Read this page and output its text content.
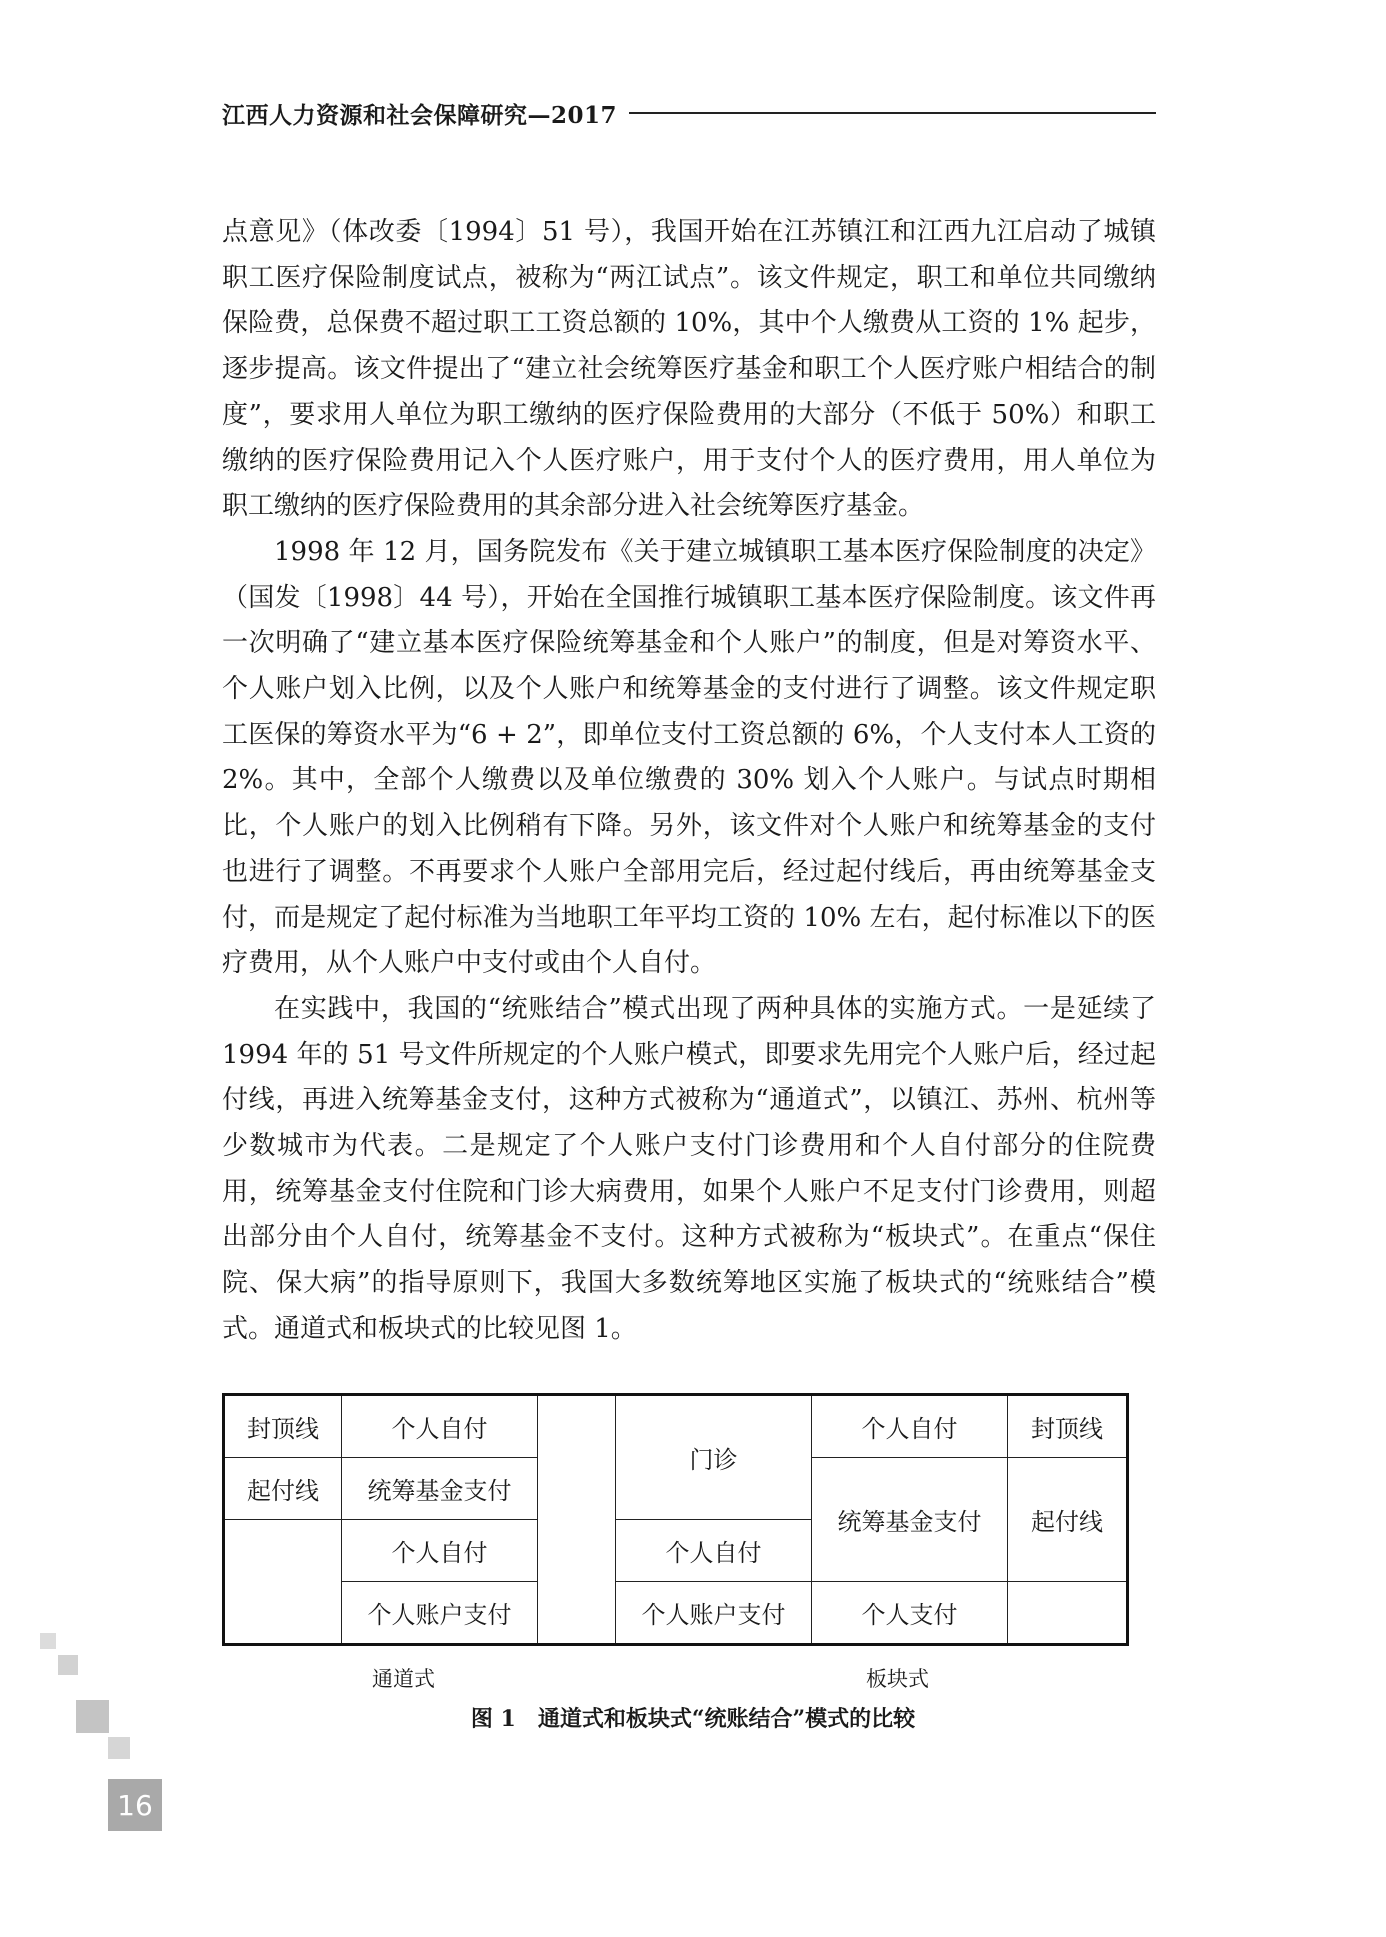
江西人力资源和社会保障研究—2017

点意见》（体改委〔1994〕51 号），我国开始在江苏镇江和江西九江启动了城镇职工医疗保险制度试点，被称为“两江试点”。该文件规定，职工和单位共同缴纳保险费，总保费不超过职工工资总额的 10%，其中个人缴费从工资的 1% 起步，逐步提高。该文件提出了“建立社会统筹医疗基金和职工个人医疗账户相结合的制度”，要求用人单位为职工缴纳的医疗保险费用的大部分（不低于 50%）和职工缴纳的医疗保险费用记入个人医疗账户，用于支付个人的医疗费用，用人单位为职工缴纳的医疗保险费用的其余部分进入社会统筹医疗基金。

1998 年 12 月，国务院发布《关于建立城镇职工基本医疗保险制度的决定》（国发〔1998〕44 号），开始在全国推行城镇职工基本医疗保险制度。该文件再一次明确了“建立基本医疗保险统筹基金和个人账户”的制度，但是对筹资水平、个人账户划入比例，以及个人账户和统筹基金的支付进行了调整。该文件规定职工医保的筹资水平为“6 + 2”，即单位支付工资总额的 6%，个人支付本人工资的 2%。其中，全部个人缴费以及单位缴费的 30% 划入个人账户。与试点时期相比，个人账户的划入比例稍有下降。另外，该文件对个人账户和统筹基金的支付也进行了调整。不再要求个人账户全部用完后，经过起付线后，再由统筹基金支付，而是规定了起付标准为当地职工年平均工资的 10% 左右，起付标准以下的医疗费用，从个人账户中支付或由个人自付。

在实践中，我国的“统账结合”模式出现了两种具体的实施方式。一是延续了 1994 年的 51 号文件所规定的个人账户模式，即要求先用完个人账户后，经过起付线，再进入统筹基金支付，这种方式被称为“通道式”，以镇江、苏州、杭州等少数城市为代表。二是规定了个人账户支付门诊费用和个人自付部分的住院费用，统筹基金支付住院和门诊大病费用，如果个人账户不足支付门诊费用，则超出部分由个人自付，统筹基金不支付。这种方式被称为“板块式”。在重点“保住院、保大病”的指导原则下，我国大多数统筹地区实施了板块式的“统账结合”模式。通道式和板块式的比较见图 1。

封顶线	个人自付		门诊	个人自付	封顶线
起付线	统筹基金支付			统筹基金支付	起付线
	个人自付		个人自付		
	个人账户支付		个人账户支付	个人支付	
通道式	板块式
图 1　通道式和板块式“统账结合”模式的比较
16
